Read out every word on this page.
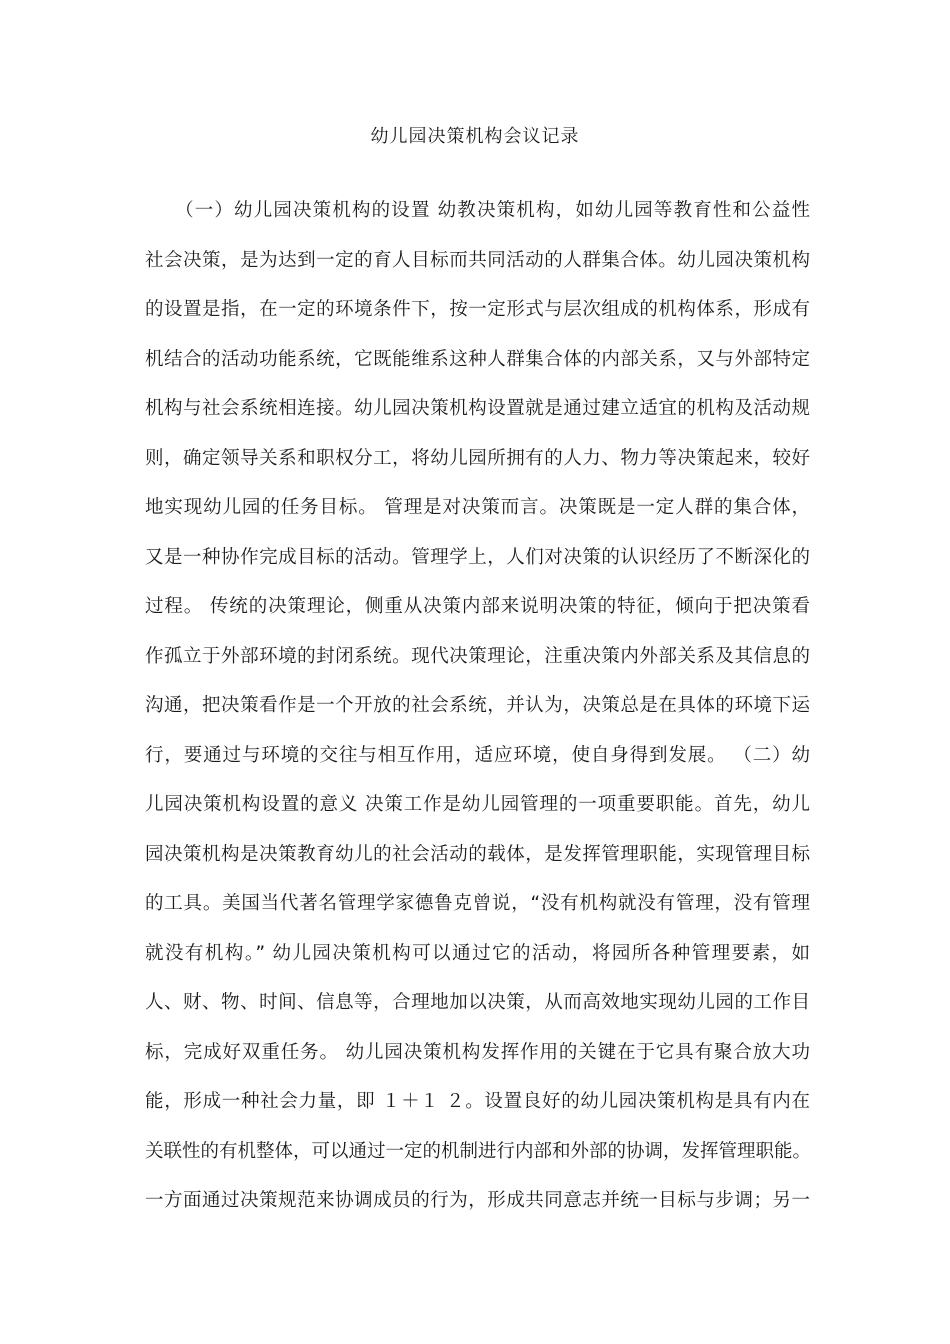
幼儿园决策机构会议记录
　　（一）幼儿园决策机构的设置 幼教决策机构，如幼儿园等教育性和公益性
社会决策，是为达到一定的育人目标而共同活动的人群集合体。幼儿园决策机构
的设置是指，在一定的环境条件下，按一定形式与层次组成的机构体系，形成有
机结合的活动功能系统，它既能维系这种人群集合体的内部关系，又与外部特定
机构与社会系统相连接。幼儿园决策机构设置就是通过建立适宜的机构及活动规
则，确定领导关系和职权分工，将幼儿园所拥有的人力、物力等决策起来，较好
地实现幼儿园的任务目标。 管理是对决策而言。决策既是一定人群的集合体，
又是一种协作完成目标的活动。管理学上，人们对决策的认识经历了不断深化的
过程。 传统的决策理论，侧重从决策内部来说明决策的特征，倾向于把决策看
作孤立于外部环境的封闭系统。现代决策理论，注重决策内外部关系及其信息的
沟通，把决策看作是一个开放的社会系统，并认为，决策总是在具体的环境下运
行，要通过与环境的交往与相互作用，适应环境，使自身得到发展。 （二）幼
儿园决策机构设置的意义 决策工作是幼儿园管理的一项重要职能。首先，幼儿
园决策机构是决策教育幼儿的社会活动的载体，是发挥管理职能，实现管理目标
的工具。美国当代著名管理学家德鲁克曾说，“没有机构就没有管理，没有管理
就没有机构。” 幼儿园决策机构可以通过它的活动，将园所各种管理要素，如
人、财、物、时间、信息等，合理地加以决策，从而高效地实现幼儿园的工作目
标，完成好双重任务。 幼儿园决策机构发挥作用的关键在于它具有聚合放大功
能，形成一种社会力量，即 １＋１ ２。设置良好的幼儿园决策机构是具有内在
关联性的有机整体，可以通过一定的机制进行内部和外部的协调，发挥管理职能。
一方面通过决策规范来协调成员的行为，形成共同意志并统一目标与步调；另一
